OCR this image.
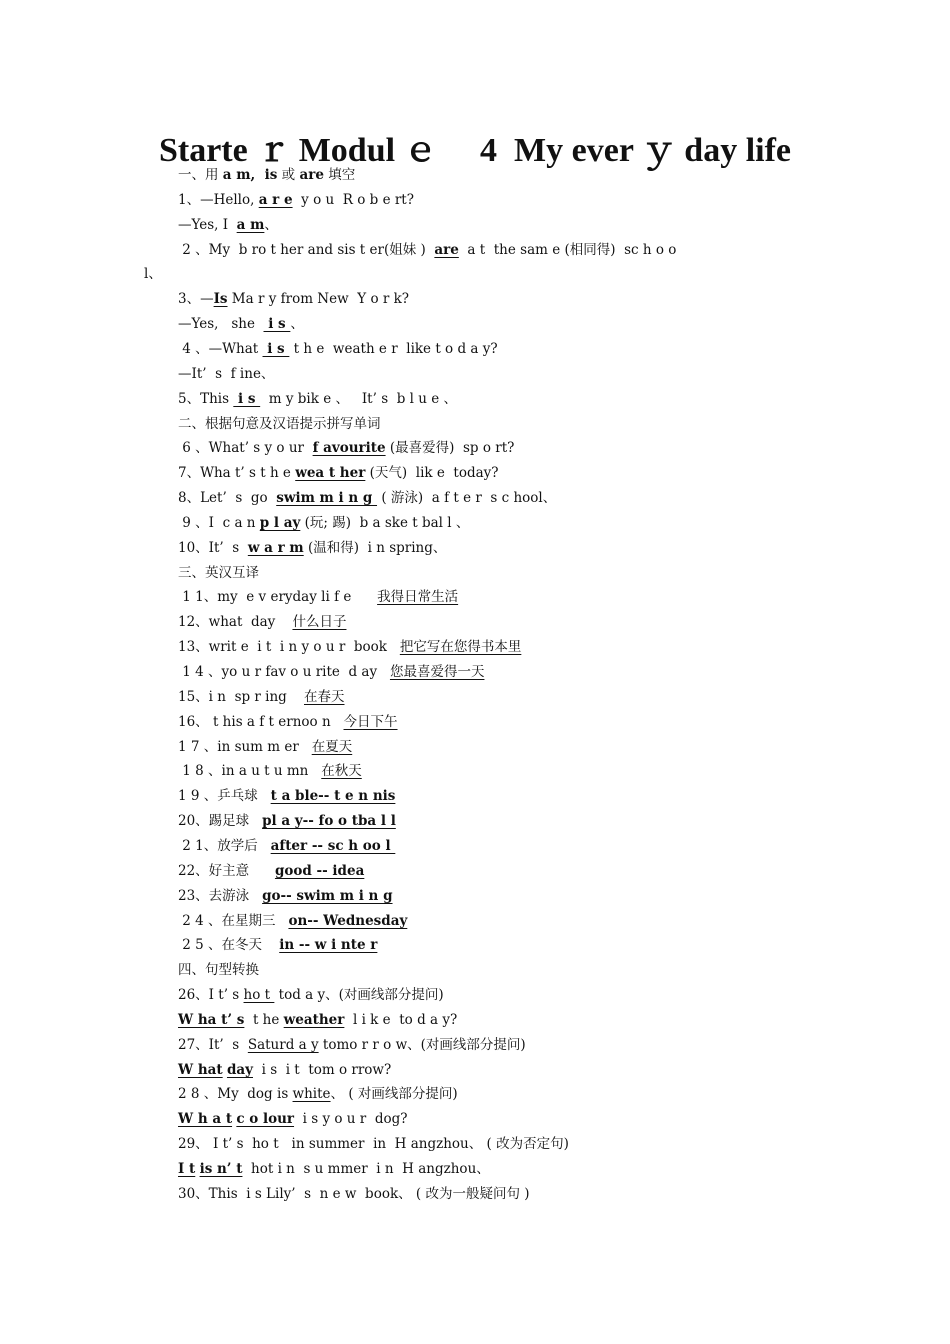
Starte ｒ Modul ｅ　 4  My ever ｙ day life
一、用 a m,  is 或 are 填空
1、—Hello, a r e  y o u  R o b e rt?
—Yes, I  a m、
2 、My  b ro t her and sis t er(姐妹 )  are  a t  the sam e (相同得)  sc h o o
l、
3、—Is Ma r y from New  Y o r k?
—Yes,   she   i s 、
4 、—What  i s  t h e  weath e r  like t o d a y?
—It’  s  f ine、
5、This  i s   m y bik e 、   It’ s  b l u e 、
二、根据句意及汉语提示拼写单词
6 、What’ s y o ur  f avourite (最喜爱得)  sp o rt?
7、Wha t’ s t h e wea t her (天气)  lik e  today?
8、Let’  s  go  swim m i n g  ( 游泳)  a f t e r  s c hool、
9 、I  c a n p l ay (玩; 踢)  b a ske t bal l 、
10、It’  s  w a r m (温和得)  i n spring、
三、英汉互译
1 1、my  e v eryday li f e      我得日常生活
12、what  day    什么日子
13、writ e  i t  i n y o u r  book   把它写在您得书本里
1 4 、yo u r fav o u rite  d ay   您最喜爱得一天
15、i n  sp r ing    在春天
16、 t his a f t ernoo n   今日下午
1 7 、in sum m er   在夏天
1 8 、in a u t u mn   在秋天
1 9 、乒乓球   t a ble-- t e n nis
20、踢足球   pl a y-- fo o tba l l
2 1、放学后   after -- sc h oo l
22、好主意      good -- idea
23、去游泳   go-- swim m i n g
2 4 、在星期三   on-- Wednesday
2 5 、在冬天    in -- w i nte r
四、句型转换
26、I t’ s ho t  tod a y、(对画线部分提问)
W ha t’ s  t he weather  l i k e  to d a y?
27、It’  s  Saturd a y tomo r r o w、(对画线部分提问)
W hat day  i s  i t  tom o rrow?
2 8 、My  dog is white、 ( 对画线部分提问)
W h a t c o lour  i s y o u r  dog?
29、 I t’ s  ho t   in summer  in  H angzhou、 ( 改为否定句)
I t is n’ t  hot i n  s u mmer  i n  H angzhou、
30、This  i s Lily’  s  n e w  book、 ( 改为一般疑问句 )
